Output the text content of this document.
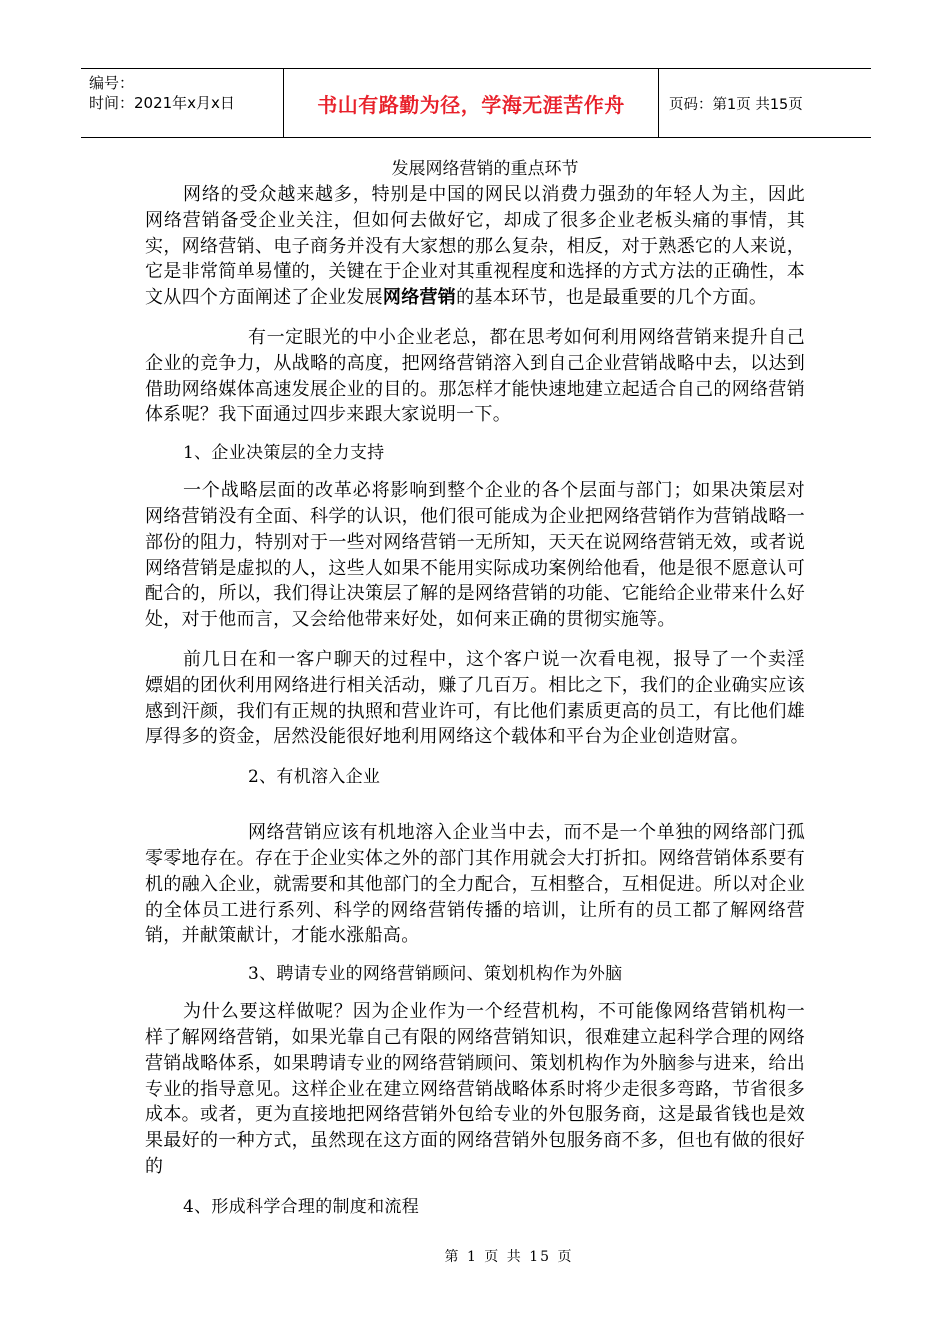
编号：
时间：2021年x月x日	书山有路勤为径，学海无涯苦作舟	页码：第1页 共15页
发展网络营销的重点环节

网络的受众越来越多，特别是中国的网民以消费力强劲的年轻人为主，因此网络营销备受企业关注，但如何去做好它，却成了很多企业老板头痛的事情，其实，网络营销、电子商务并没有大家想的那么复杂，相反，对于熟悉它的人来说，它是非常简单易懂的，关键在于企业对其重视程度和选择的方式方法的正确性，本文从四个方面阐述了企业发展网络营销的基本环节，也是最重要的几个方面。

有一定眼光的中小企业老总，都在思考如何利用网络营销来提升自己企业的竞争力，从战略的高度，把网络营销溶入到自己企业营销战略中去，以达到借助网络媒体高速发展企业的目的。那怎样才能快速地建立起适合自己的网络营销体系呢？我下面通过四步来跟大家说明一下。

1、企业决策层的全力支持

一个战略层面的改革必将影响到整个企业的各个层面与部门；如果决策层对网络营销没有全面、科学的认识，他们很可能成为企业把网络营销作为营销战略一部份的阻力，特别对于一些对网络营销一无所知，天天在说网络营销无效，或者说网络营销是虚拟的人，这些人如果不能用实际成功案例给他看，他是很不愿意认可配合的，所以，我们得让决策层了解的是网络营销的功能、它能给企业带来什么好处，对于他而言，又会给他带来好处，如何来正确的贯彻实施等。

前几日在和一客户聊天的过程中，这个客户说一次看电视，报导了一个卖淫嫖娼的团伙利用网络进行相关活动，赚了几百万。相比之下，我们的企业确实应该感到汗颜，我们有正规的执照和营业许可，有比他们素质更高的员工，有比他们雄厚得多的资金，居然没能很好地利用网络这个载体和平台为企业创造财富。

2、有机溶入企业

网络营销应该有机地溶入企业当中去，而不是一个单独的网络部门孤零零地存在。存在于企业实体之外的部门其作用就会大打折扣。网络营销体系要有机的融入企业，就需要和其他部门的全力配合，互相整合，互相促进。所以对企业的全体员工进行系列、科学的网络营销传播的培训，让所有的员工都了解网络营销，并献策献计，才能水涨船高。

3、聘请专业的网络营销顾问、策划机构作为外脑

为什么要这样做呢？因为企业作为一个经营机构，不可能像网络营销机构一样了解网络营销，如果光靠自己有限的网络营销知识，很难建立起科学合理的网络营销战略体系，如果聘请专业的网络营销顾问、策划机构作为外脑参与进来，给出专业的指导意见。这样企业在建立网络营销战略体系时将少走很多弯路，节省很多成本。或者，更为直接地把网络营销外包给专业的外包服务商，这是最省钱也是效果最好的一种方式，虽然现在这方面的网络营销外包服务商不多，但也有做的很好的

4、形成科学合理的制度和流程

第 1 页 共 15 页
